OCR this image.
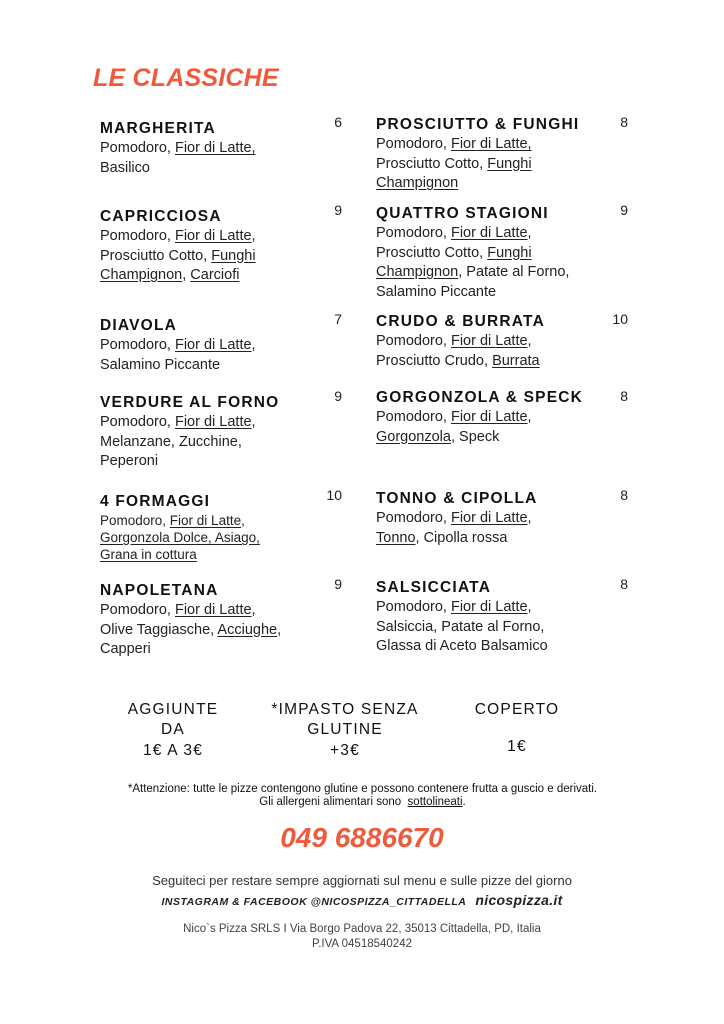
LE CLASSICHE
MARGHERITA
Pomodoro, Fior di Latte,
Basilico
6 PROSCIUTTO & FUNGHI
Pomodoro, Fior di Latte,
Prosciutto Cotto, Funghi
Champignon
8
CAPRICCIOSA
Pomodoro, Fior di Latte,
Prosciutto Cotto, Funghi
Champignon, Carciofi
9 QUATTRO STAGIONI
Pomodoro, Fior di Latte,
Prosciutto Cotto, Funghi
Champignon, Patate al Forno,
Salamino Piccante
9
DIAVOLA
Pomodoro, Fior di Latte,
Salamino Piccante
7 CRUDO & BURRATA
Pomodoro, Fior di Latte,
Prosciutto Crudo, Burrata
10
VERDURE AL FORNO
Pomodoro, Fior di Latte,
Melanzane, Zucchine,
Peperoni
9 GORGONZOLA & SPECK
Pomodoro, Fior di Latte,
Gorgonzola, Speck
8
4 FORMAGGI
Pomodoro, Fior di Latte,
Gorgonzola Dolce, Asiago,
Grana in cottura
10 TONNO & CIPOLLA
Pomodoro, Fior di Latte,
Tonno, Cipolla rossa
8
NAPOLETANA
Pomodoro, Fior di Latte,
Olive Taggiasche, Acciughe,
Capperi
9 SALSICCIATA
Pomodoro, Fior di Latte,
Salsiccia, Patate al Forno,
Glassa di Aceto Balsamico
8
AGGIUNTE
DA
1€ A 3€
*IMPASTO SENZA
GLUTINE
+3€
COPERTO
1€
*Attenzione: tutte le pizze contengono glutine e possono contenere frutta a guscio e derivati.
Gli allergeni alimentari sono sottolineati.
049 6886670
Seguiteci per restare sempre aggiornati sul menu e sulle pizze del giorno
INSTAGRAM & FACEBOOK @NICOSPIZZA_CITTADELLA nicospizza.it
Nico`s Pizza SRLS I Via Borgo Padova 22, 35013 Cittadella, PD, Italia
P.IVA 04518540242
